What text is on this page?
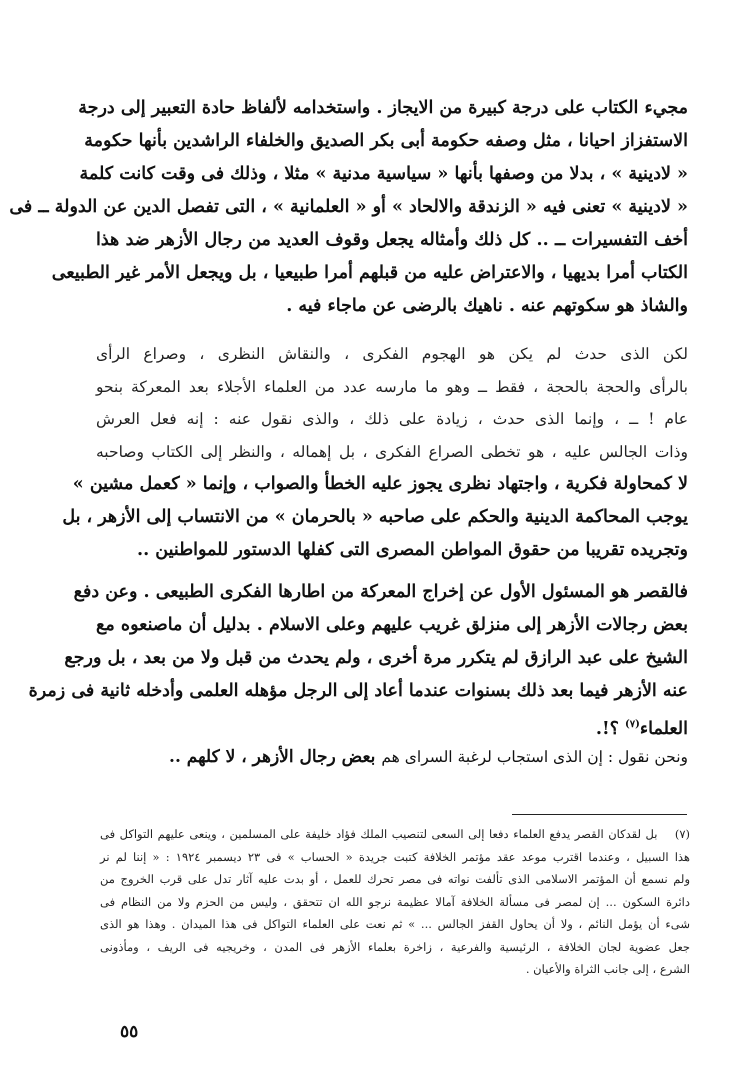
مجيء الكتاب على درجة كبيرة من الايجاز . واستخدامه لألفاظ حادة التعبير إلى درجة
الاستفزاز احيانا ، مثل وصفه حكومة أبى بكر الصديق والخلفاء الراشدين بأنها حكومة
« لادينية » ، بدلا من وصفها بأنها « سياسية مدنية » مثلا ، وذلك فى وقت كانت كلمة
« لادينية » تعنى فيه « الزندقة والالحاد » أو « العلمانية » ، التى تفصل الدين عن الدولة ــ فى
أخف التفسيرات ــ .. كل ذلك وأمثاله يجعل وقوف العديد من رجال الأزهر ضد هذا
الكتاب أمرا بديهيا ، والاعتراض عليه من قبلهم أمرا طبيعيا ، بل ويجعل الأمر غير الطبيعى
والشاذ هو سكوتهم عنه . ناهيك بالرضى عن ماجاء فيه .
لكن الذى حدث لم يكن هو الهجوم الفكرى ، والنقاش النظرى ، وصراع الرأى
بالرأى والحجة بالحجة ، فقط ــ وهو ما مارسه عدد من العلماء الأجلاء بعد المعركة بنحو
عام ! ــ ، وإنما الذى حدث ، زيادة على ذلك ، والذى نقول عنه : إنه فعل العرش
وذات الجالس عليه ، هو تخطى الصراع الفكرى ، بل إهماله ، والنظر إلى الكتاب وصاحبه
لا كمحاولة فكرية ، واجتهاد نظرى يجوز عليه الخطأ والصواب ، وإنما « كعمل مشين »
يوجب المحاكمة الدينية والحكم على صاحبه « بالحرمان » من الانتساب إلى الأزهر ، بل
وتجريده تقريبا من حقوق المواطن المصرى التى كفلها الدستور للمواطنين ..
فالقصر هو المسئول الأول عن إخراج المعركة من اطارها الفكرى الطبيعى . وعن دفع
بعض رجالات الأزهر إلى منزلق غريب عليهم وعلى الاسلام . بدليل أن ماصنعوه مع
الشيخ على عبد الرازق لم يتكرر مرة أخرى ، ولم يحدث من قبل ولا من بعد ، بل ورجع
عنه الأزهر فيما بعد ذلك بسنوات عندما أعاد إلى الرجل مؤهله العلمى وأدخله ثانية فى زمرة
العلماء$^{(٧)}$ ؟!.
ونحن نقول : إن الذى استجاب لرغبة السراى هم بعض رجال الأزهر ، لا كلهم ..
(٧) بل لقدكان القصر يدفع العلماء دفعا إلى السعى لتنصيب الملك فؤاد خليفة على المسلمين ، وينعى عليهم التواكل فى
هذا السبيل ، وعندما اقترب موعد عقد مؤتمر الخلافة كتبت جريدة « الحساب » فى ٢٣ ديسمبر ١٩٢٤ : « إننا لم نر
ولم نسمع أن المؤتمر الاسلامى الذى تألفت نواته فى مصر تحرك للعمل ، أو بدت عليه آثار تدل على قرب الخروج من
دائرة السكون ... إن لمصر فى مسألة الخلافة آمالا عظيمة نرجو الله ان تتحقق ، وليس من الحزم ولا من النظام فى
شىء أن يؤمل النائم ، ولا أن يحاول القفز الجالس ... » ثم نعت على العلماء التواكل فى هذا الميدان . وهذا هو الذى
جعل عضوية لجان الخلافة ، الرئيسية والفرعية ، زاخرة بعلماء الأزهر فى المدن ، وخريجيه فى الريف ، ومأذونى
الشرع ، إلى جانب الثراة والأعيان .
٥٥
